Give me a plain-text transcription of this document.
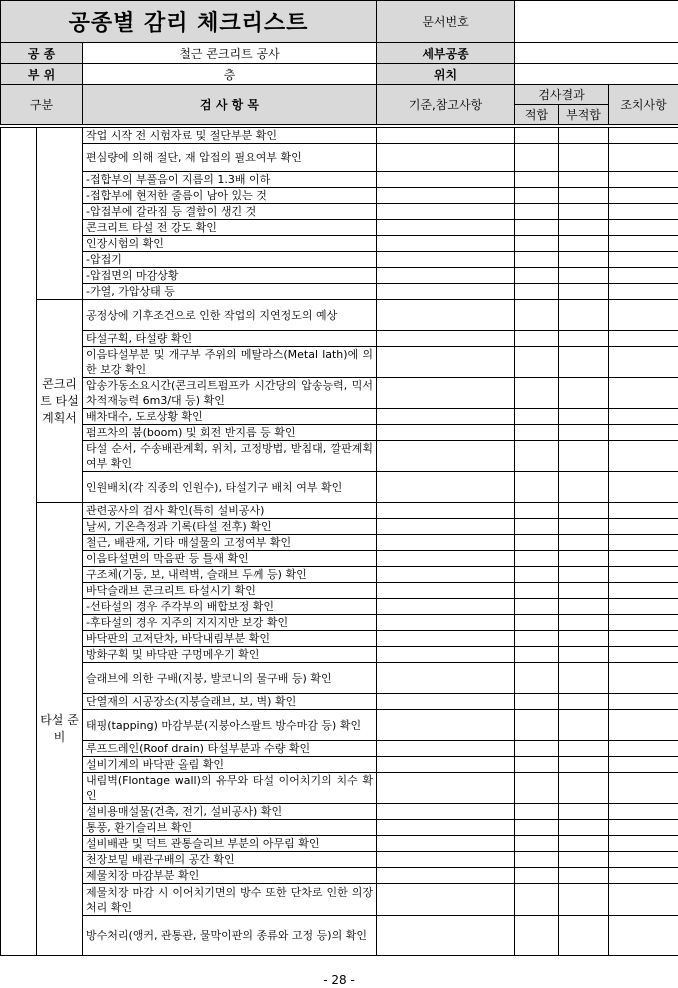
공종별 감리 체크리스트		문서번호			
공 종	철근 콘크리트 공사	세부공종			
부 위	층	위치			
구분	검 사 항 목	기준,참고사항	검사결과		조치사항
			적합	부적합	
		작업 시작 전 시험자료 및 절단부분 확인				
		편심량에 의해 절단, 재 압접의 필요여부 확인				
		-접합부의 부풀음이 지름의 1.3배 이하				
		-접합부에 현저한 줄름이 남아 있는 것				
		-압접부에 갈라짐 등 결함이 생긴 것				
		콘크리트 타설 전 강도 확인				
		인장시험의 확인				
		-압접기				
		-압접면의 마감상황				
		-가열, 가압상태 등				
	콘크리트 타설 계획서	공정상에 기후조건으로 인한 작업의 지연정도의 예상				
		타설구획, 타설량 확인				
		이음타설부분 및 개구부 주위의 메탈라스(Metal lath)에 의한 보강 확인				
		압송가동소요시간(콘크리트펌프카 시간당의 압송능력, 믹서차적재능력 6m3/대 등) 확인				
		배차대수, 도로상황 확인				
		펌프차의 붐(boom) 및 회전 반지름 등 확인				
		타설 순서, 수송배관계획, 위치, 고정방법, 받침대, 깔판계획 여부 확인				
		인원배치(각 직종의 인원수), 타설기구 배치 여부 확인				
	타설 준비	관련공사의 검사 확인(특히 설비공사)				
		날씨, 기온측정과 기록(타설 전후) 확인				
		철근, 배관재, 기타 매설물의 고정여부 확인				
		이음타설면의 막음판 등 틀새 확인				
		구조체(기둥, 보, 내력벽, 슬래브 두께 등) 확인				
		바닥슬래브 콘크리트 타설시기 확인				
		-선타설의 경우 주각부의 배합보정 확인				
		-후타설의 경우 지주의 지지지반 보강 확인				
		바닥판의 고저단차, 바닥내림부분 확인				
		방화구획 및 바닥판 구멍메우기 확인				
		슬래브에 의한 구배(지붕, 발코니의 물구배 등) 확인				
		단열재의 시공장소(지붕슬래브, 보, 벽) 확인				
		태핑(tapping) 마감부분(지붕아스팔트 방수마감 등) 확인				
		루프드레인(Roof drain) 타설부분과 수량 확인				
		설비기계의 바닥판 올림 확인				
		내림벽(Flontage wall)의 유무와 타설 이어치기의 치수 확인				
		설비용매설물(건축, 전기, 설비공사) 확인				
		통풍, 환기슬리브 확인				
		설비배관 및 덕트 관통슬리브 부분의 아무림 확인				
		천장보밑 배관구배의 공간 확인				
		제물치장 마감부분 확인				
		제물치장 마감 시 이어치기면의 방수 또한 단차로 인한 의장처리 확인				
		방수처리(앵커, 관통관, 물막이판의 종류와 고정 등)의 확인				
- 28 -
